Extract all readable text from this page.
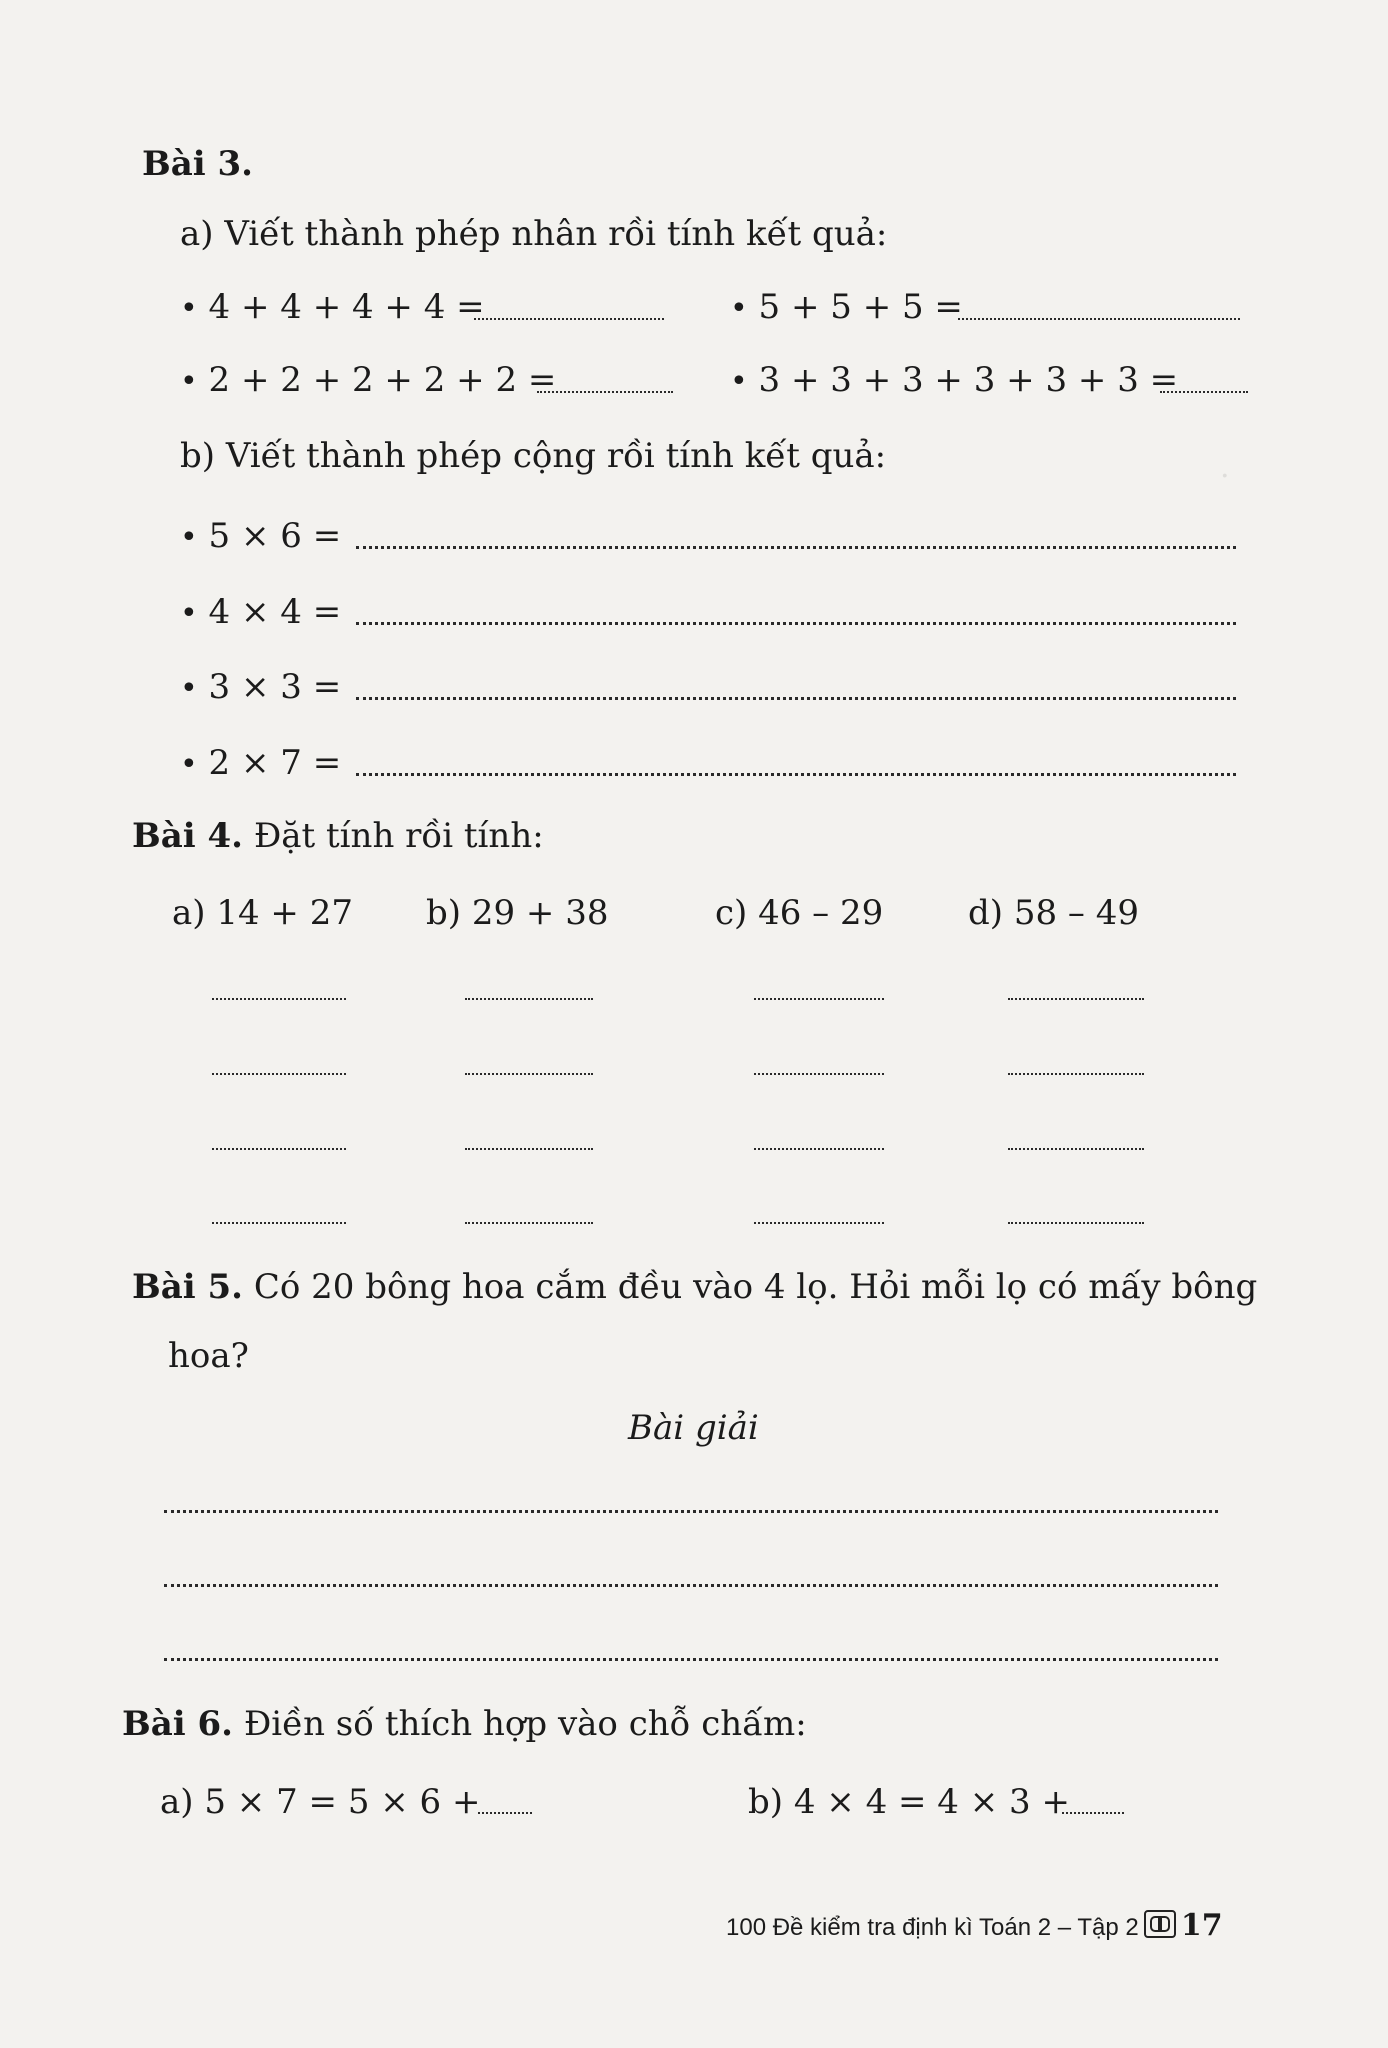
.
Bài 3.
a) Viết thành phép nhân rồi tính kết quả:
• 4 + 4 + 4 + 4 =	• 5 + 5 + 5 =
• 2 + 2 + 2 + 2 + 2 =	• 3 + 3 + 3 + 3 + 3 + 3 =
b) Viết thành phép cộng rồi tính kết quả:
• 5 × 6 =
• 4 × 4 =
• 3 × 3 =
• 2 × 7 =
Bài 4. Đặt tính rồi tính:
a) 14 + 27 b) 29 + 38	c) 46 – 29 d) 58 – 49
Bài 5. Có 20 bông hoa cắm đều vào 4 lọ. Hỏi mỗi lọ có mấy bông
hoa?
Bài giải
Bài 6. Điền số thích hợp vào chỗ chấm:
a) 5 × 7 = 5 × 6 +	b) 4 × 4 = 4 × 3 +
100 Đề kiểm tra định kì Toán 2 – Tập 2 17
